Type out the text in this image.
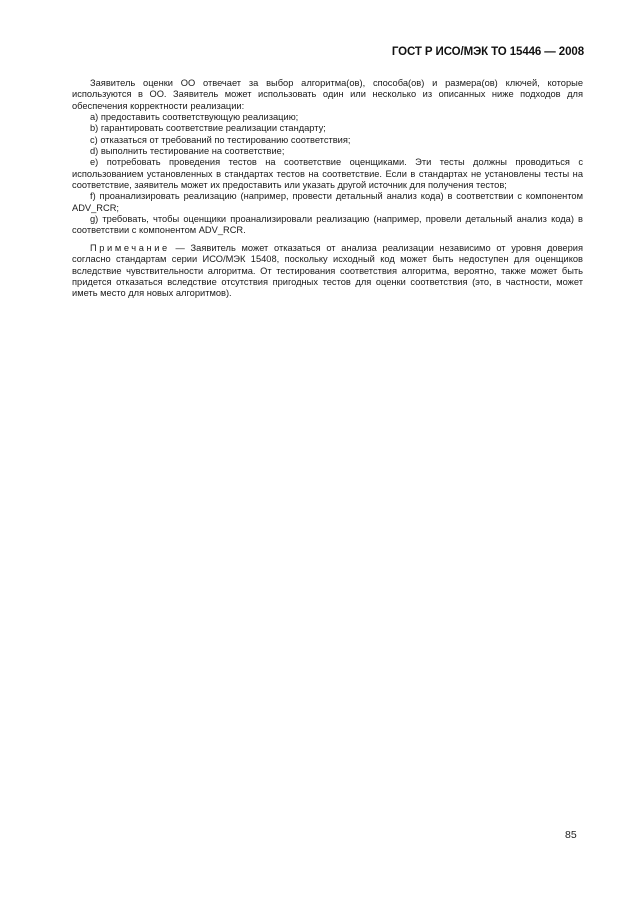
ГОСТ Р ИСО/МЭК ТО 15446 — 2008

Заявитель оценки ОО отвечает за выбор алгоритма(ов), способа(ов) и размера(ов) ключей, которые используются в ОО. Заявитель может использовать один или несколько из описанных ниже подходов для обеспечения корректности реализации:

a) предоставить соответствующую реализацию;

b) гарантировать соответствие реализации стандарту;

c) отказаться от требований по тестированию соответствия;

d) выполнить тестирование на соответствие;

e) потребовать проведения тестов на соответствие оценщиками. Эти тесты должны проводиться с использованием установленных в стандартах тестов на соответствие. Если в стандартах не установлены тесты на соответствие, заявитель может их предоставить или указать другой источник для получения тестов;

f) проанализировать реализацию (например, провести детальный анализ кода) в соответствии с компонентом ADV_RCR;

g) требовать, чтобы оценщики проанализировали реализацию (например, провели детальный анализ кода) в соответствии с компонентом ADV_RCR.

Примечание — Заявитель может отказаться от анализа реализации независимо от уровня доверия согласно стандартам серии ИСО/МЭК 15408, поскольку исходный код может быть недоступен для оценщиков вследствие чувствительности алгоритма. От тестирования соответствия алгоритма, вероятно, также может быть придется отказаться вследствие отсутствия пригодных тестов для оценки соответствия (это, в частности, может иметь место для новых алгоритмов).

85
